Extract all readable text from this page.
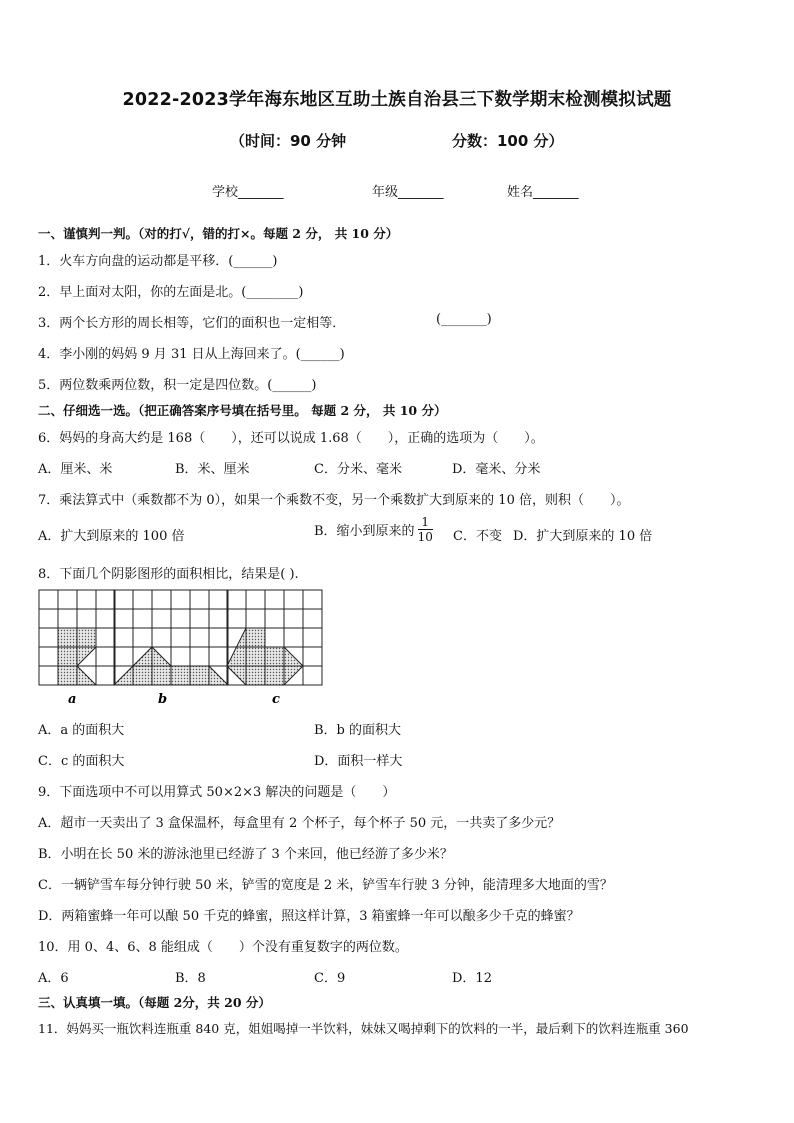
2022-2023学年海东地区互助土族自治县三下数学期末检测模拟试题
（时间：90 分钟	分数：100 分）
学校_______	年级_______	姓名_______
一、谨慎判一判。（对的打√，错的打×。每题 2 分， 共 10 分）
1．火车方向盘的运动都是平移．(______)
2．早上面对太阳，你的左面是北。(________)
3．两个长方形的周长相等，它们的面积也一定相等．	(_______)
4．李小刚的妈妈 9 月 31 日从上海回来了。(______)
5．两位数乘两位数，积一定是四位数。(______)
二、仔细选一选。（把正确答案序号填在括号里。 每题 2 分， 共 10 分）
6．妈妈的身高大约是 168（　　），还可以说成 1.68（　　），正确的选项为（　　）。
A．厘米、米	B．米、厘米	C．分米、毫米	D．毫米、分米
7．乘法算式中（乘数都不为 0），如果一个乘数不变，另一个乘数扩大到原来的 10 倍，则积（　　）。
A．扩大到原来的 100 倍	B．缩小到原来的 $\frac{1}{10}$ C．不变 D．扩大到原来的 10 倍
8．下面几个阴影图形的面积相比，结果是( ).
a	b	c
A．a 的面积大	B．b 的面积大
C．c 的面积大	D．面积一样大
9．下面选项中不可以用算式 50×2×3 解决的问题是（　　）
A．超市一天卖出了 3 盒保温杯，每盒里有 2 个杯子，每个杯子 50 元，一共卖了多少元？
B．小明在长 50 米的游泳池里已经游了 3 个来回，他已经游了多少米？
C．一辆铲雪车每分钟行驶 50 米，铲雪的宽度是 2 米，铲雪车行驶 3 分钟，能清理多大地面的雪？
D．两箱蜜蜂一年可以酿 50 千克的蜂蜜，照这样计算，3 箱蜜蜂一年可以酿多少千克的蜂蜜？
10．用 0、4、6、8 能组成（　　）个没有重复数字的两位数。
A．6	B．8	C．9	D．12
三、认真填一填。（每题 2分，共 20 分）
11．妈妈买一瓶饮料连瓶重 840 克，姐姐喝掉一半饮料，妹妹又喝掉剩下的饮料的一半，最后剩下的饮料连瓶重 360
